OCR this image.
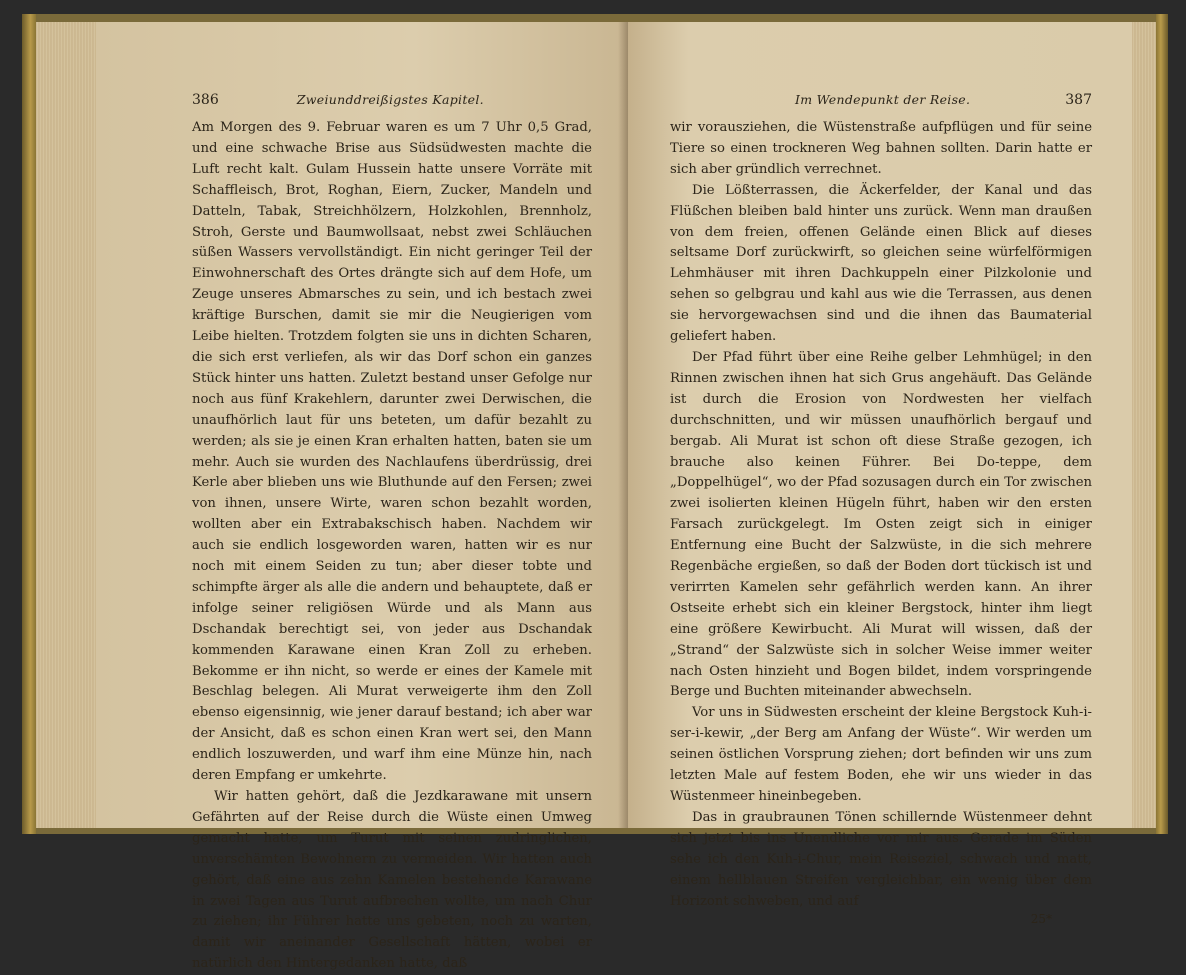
386	Zweiunddreißigstes Kapitel.

Am Morgen des 9. Februar waren es um 7 Uhr 0,5 Grad, und eine schwache Brise aus Südsüdwesten machte die Luft recht kalt. Gulam Hussein hatte unsere Vorräte mit Schaffleisch, Brot, Roghan, Eiern, Zucker, Mandeln und Datteln, Tabak, Streichhölzern, Holzkohlen, Brennholz, Stroh, Gerste und Baumwollsaat, nebst zwei Schläuchen süßen Wassers vervollständigt. Ein nicht geringer Teil der Einwohnerschaft des Ortes drängte sich auf dem Hofe, um Zeuge unseres Abmarsches zu sein, und ich bestach zwei kräftige Burschen, damit sie mir die Neugierigen vom Leibe hielten. Trotzdem folgten sie uns in dichten Scharen, die sich erst verliefen, als wir das Dorf schon ein ganzes Stück hinter uns hatten. Zuletzt bestand unser Gefolge nur noch aus fünf Krakehlern, darunter zwei Derwischen, die unaufhörlich laut für uns beteten, um dafür bezahlt zu werden; als sie je einen Kran erhalten hatten, baten sie um mehr. Auch sie wurden des Nachlaufens überdrüssig, drei Kerle aber blieben uns wie Bluthunde auf den Fersen; zwei von ihnen, unsere Wirte, waren schon bezahlt worden, wollten aber ein Extrabakschisch haben. Nachdem wir auch sie endlich losgeworden waren, hatten wir es nur noch mit einem Seiden zu tun; aber dieser tobte und schimpfte ärger als alle die andern und behauptete, daß er infolge seiner religiösen Würde und als Mann aus Dschandak berechtigt sei, von jeder aus Dschandak kommenden Karawane einen Kran Zoll zu erheben. Bekomme er ihn nicht, so werde er eines der Kamele mit Beschlag belegen. Ali Murat verweigerte ihm den Zoll ebenso eigensinnig, wie jener darauf bestand; ich aber war der Ansicht, daß es schon einen Kran wert sei, den Mann endlich loszuwerden, und warf ihm eine Münze hin, nach deren Empfang er umkehrte.

Wir hatten gehört, daß die Jezdkarawane mit unsern Gefährten auf der Reise durch die Wüste einen Umweg gemacht hatte, um Turut mit seinen zudringlichen, unverschämten Bewohnern zu vermeiden. Wir hatten auch gehört, daß eine aus zehn Kamelen bestehende Karawane in zwei Tagen aus Turut aufbrechen wollte, um nach Chur zu ziehen; ihr Führer hatte uns gebeten, noch zu warten, damit wir aneinander Gesellschaft hätten, wobei er natürlich den Hintergedanken hatte, daß

Im Wendepunkt der Reise.	387

wir vorausziehen, die Wüstenstraße aufpflügen und für seine Tiere so einen trockneren Weg bahnen sollten. Darin hatte er sich aber gründlich verrechnet.

Die Lößterrassen, die Äckerfelder, der Kanal und das Flüßchen bleiben bald hinter uns zurück. Wenn man draußen von dem freien, offenen Gelände einen Blick auf dieses seltsame Dorf zurückwirft, so gleichen seine würfelförmigen Lehmhäuser mit ihren Dachkuppeln einer Pilzkolonie und sehen so gelbgrau und kahl aus wie die Terrassen, aus denen sie hervorgewachsen sind und die ihnen das Baumaterial geliefert haben.

Der Pfad führt über eine Reihe gelber Lehmhügel; in den Rinnen zwischen ihnen hat sich Grus angehäuft. Das Gelände ist durch die Erosion von Nordwesten her vielfach durchschnitten, und wir müssen unaufhörlich bergauf und bergab. Ali Murat ist schon oft diese Straße gezogen, ich brauche also keinen Führer. Bei Do-teppe, dem „Doppelhügel“, wo der Pfad sozusagen durch ein Tor zwischen zwei isolierten kleinen Hügeln führt, haben wir den ersten Farsach zurückgelegt. Im Osten zeigt sich in einiger Entfernung eine Bucht der Salzwüste, in die sich mehrere Regenbäche ergießen, so daß der Boden dort tückisch ist und verirrten Kamelen sehr gefährlich werden kann. An ihrer Ostseite erhebt sich ein kleiner Bergstock, hinter ihm liegt eine größere Kewirbucht. Ali Murat will wissen, daß der „Strand“ der Salzwüste sich in solcher Weise immer weiter nach Osten hinzieht und Bogen bildet, indem vorspringende Berge und Buchten miteinander abwechseln.

Vor uns in Südwesten erscheint der kleine Bergstock Kuh-i-ser-i-kewir, „der Berg am Anfang der Wüste“. Wir werden um seinen östlichen Vorsprung ziehen; dort befinden wir uns zum letzten Male auf festem Boden, ehe wir uns wieder in das Wüstenmeer hineinbegeben.

Das in graubraunen Tönen schillernde Wüstenmeer dehnt sich jetzt bis ins Unendliche vor mir aus. Gerade im Süden sehe ich den Kuh-i-Chur, mein Reiseziel, schwach und matt, einem hellblauen Streifen vergleichbar, ein wenig über dem Horizont schweben, und auf

25*
